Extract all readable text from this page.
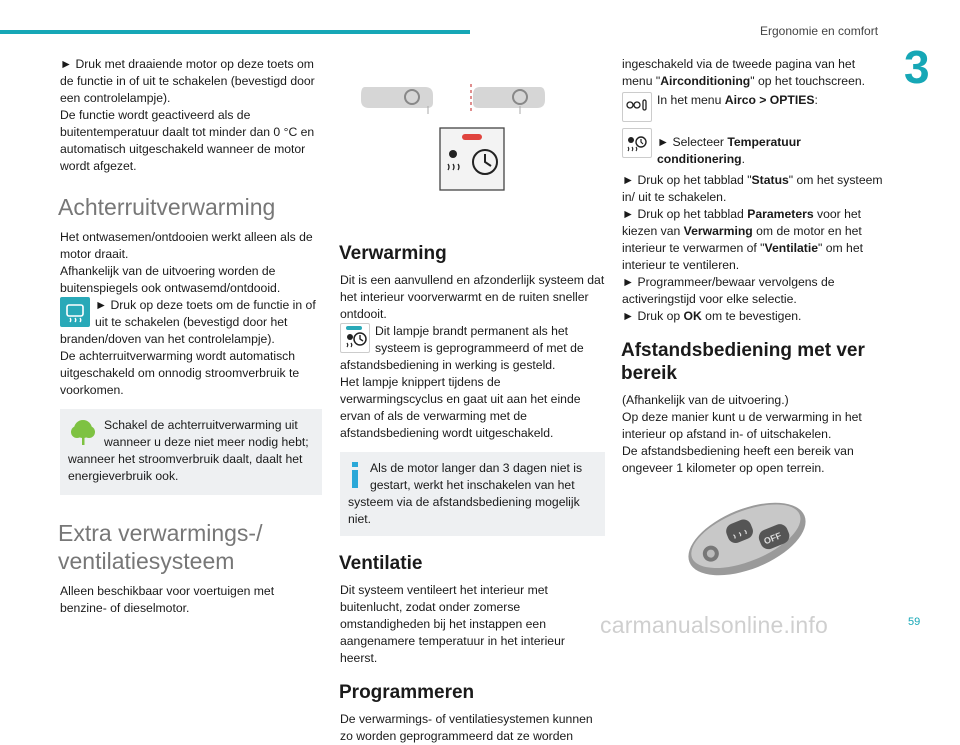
Ergonomie en comfort
3

► Druk met draaiende motor op deze toets om de functie in of uit te schakelen (bevestigd door een controlelampje).

De functie wordt geactiveerd als de buitentemperatuur daalt tot minder dan 0 °C en automatisch uitgeschakeld wanneer de motor wordt afgezet.

Achterruitverwarming

Het ontwasemen/ontdooien werkt alleen als de motor draait.

Afhankelijk van de uitvoering worden de buitenspiegels ook ontwasemd/ontdooid.

► Druk op deze toets om de functie in of uit te schakelen (bevestigd door het branden/doven van het controlelampje).

De achterruitverwarming wordt automatisch uitgeschakeld om onnodig stroomverbruik te voorkomen.

Schakel de achterruitverwarming uit wanneer u deze niet meer nodig hebt; wanneer het stroomverbruik daalt, daalt het energieverbruik ook.

Extra verwarmings-/ ventilatiesysteem

Alleen beschikbaar voor voertuigen met benzine- of dieselmotor.

Verwarming

Dit is een aanvullend en afzonderlijk systeem dat het interieur voorverwarmt en de ruiten sneller ontdooit.

Dit lampje brandt permanent als het systeem is geprogrammeerd of met de afstandsbediening in werking is gesteld.

Het lampje knippert tijdens de verwarmingscyclus en gaat uit aan het einde ervan of als de verwarming met de afstandsbediening wordt uitgeschakeld.

Als de motor langer dan 3 dagen niet is gestart, werkt het inschakelen van het systeem via de afstandsbediening mogelijk niet.

Ventilatie

Dit systeem ventileert het interieur met buitenlucht, zodat onder zomerse omstandigheden bij het instappen een aangenamere temperatuur in het interieur heerst.

Programmeren

De verwarmings- of ventilatiesystemen kunnen zo worden geprogrammeerd dat ze worden

ingeschakeld via de tweede pagina van het menu "Airconditioning" op het touchscreen.

In het menu Airco > OPTIES:

► Selecteer Temperatuur conditionering.

► Druk op het tabblad "Status" om het systeem in/ uit te schakelen.

► Druk op het tabblad Parameters voor het kiezen van Verwarming om de motor en het interieur te verwarmen of "Ventilatie" om het interieur te ventileren.

► Programmeer/bewaar vervolgens de activeringstijd voor elke selectie.

► Druk op OK om te bevestigen.

Afstandsbediening met ver bereik

(Afhankelijk van de uitvoering.)

Op deze manier kunt u de verwarming in het interieur op afstand in- of uitschakelen.

De afstandsbediening heeft een bereik van ongeveer 1 kilometer op open terrein.

OFF
carmanualsonline.info	59
